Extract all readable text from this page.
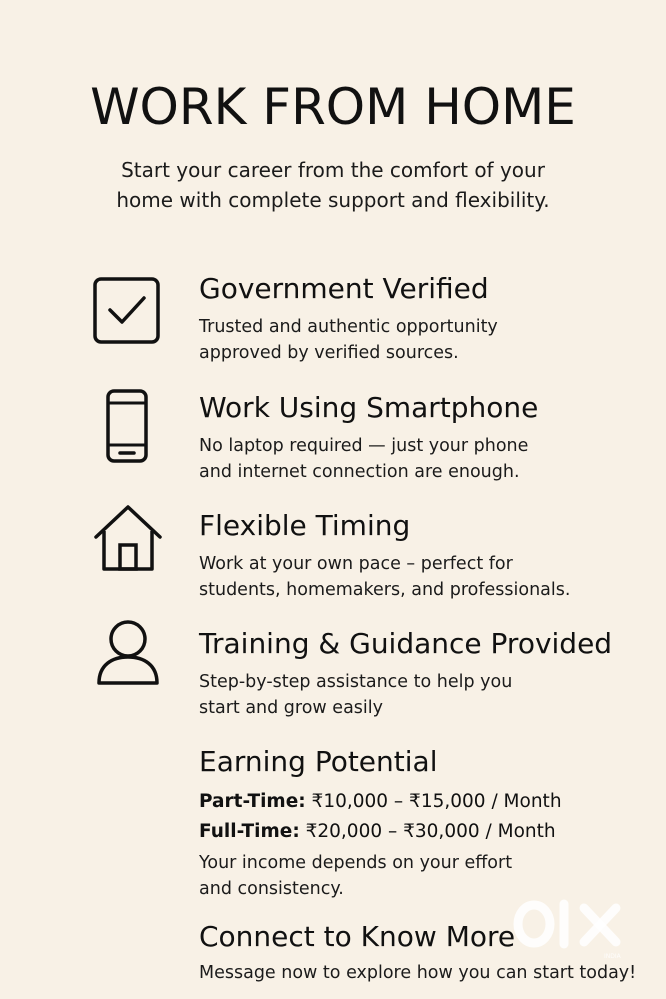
WORK FROM HOME
Start your career from the comfort of your
home with complete support and flexibility.
Government Verified
Trusted and authentic opportunity
approved by verified sources.
Work Using Smartphone
No laptop required — just your phone
and internet connection are enough.
Flexible Timing
Work at your own pace – perfect for
students, homemakers, and professionals.
Training & Guidance Provided
Step-by-step assistance to help you
start and grow easily
Earning Potential
Part-Time: ₹10,000 – ₹15,000 / Month
Full-Time: ₹20,000 – ₹30,000 / Month
Your income depends on your effort
and consistency.
Connect to Know More
Message now to explore how you can start today!
INDIA
